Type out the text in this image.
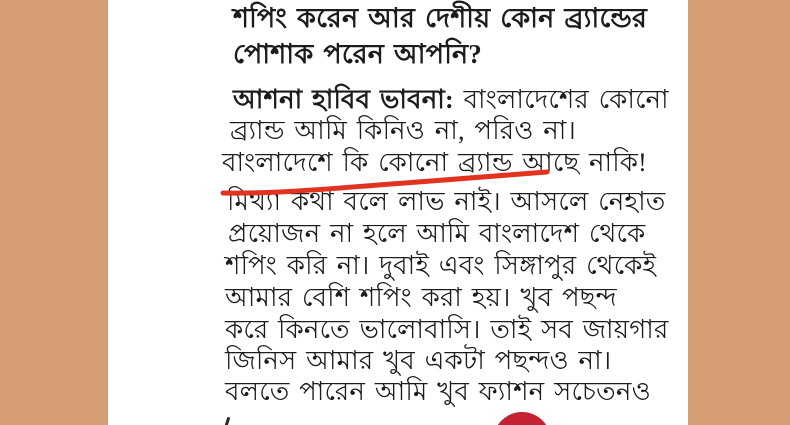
শপিং করেন আর দেশীয় কোন ব্র্যান্ডের
পোশাক পরেন আপনি?
আশনা হাবিব ভাবনা: বাংলাদেশের কোনো
ব্র্যান্ড আমি কিনিও না, পরিও না।
বাংলাদেশে কি কোনো ব্র্যান্ড আছে নাকি!
মিথ্যা কথা বলে লাভ নাই। আসলে নেহাত
প্রয়োজন না হলে আমি বাংলাদেশ থেকে
শপিং করি না। দুবাই এবং সিঙ্গাপুর থেকেই
আমার বেশি শপিং করা হয়। খুব পছন্দ
করে কিনতে ভালোবাসি। তাই সব জায়গার
জিনিস আমার খুব একটা পছন্দও না।
বলতে পারেন আমি খুব ফ্যাশন সচেতনও
